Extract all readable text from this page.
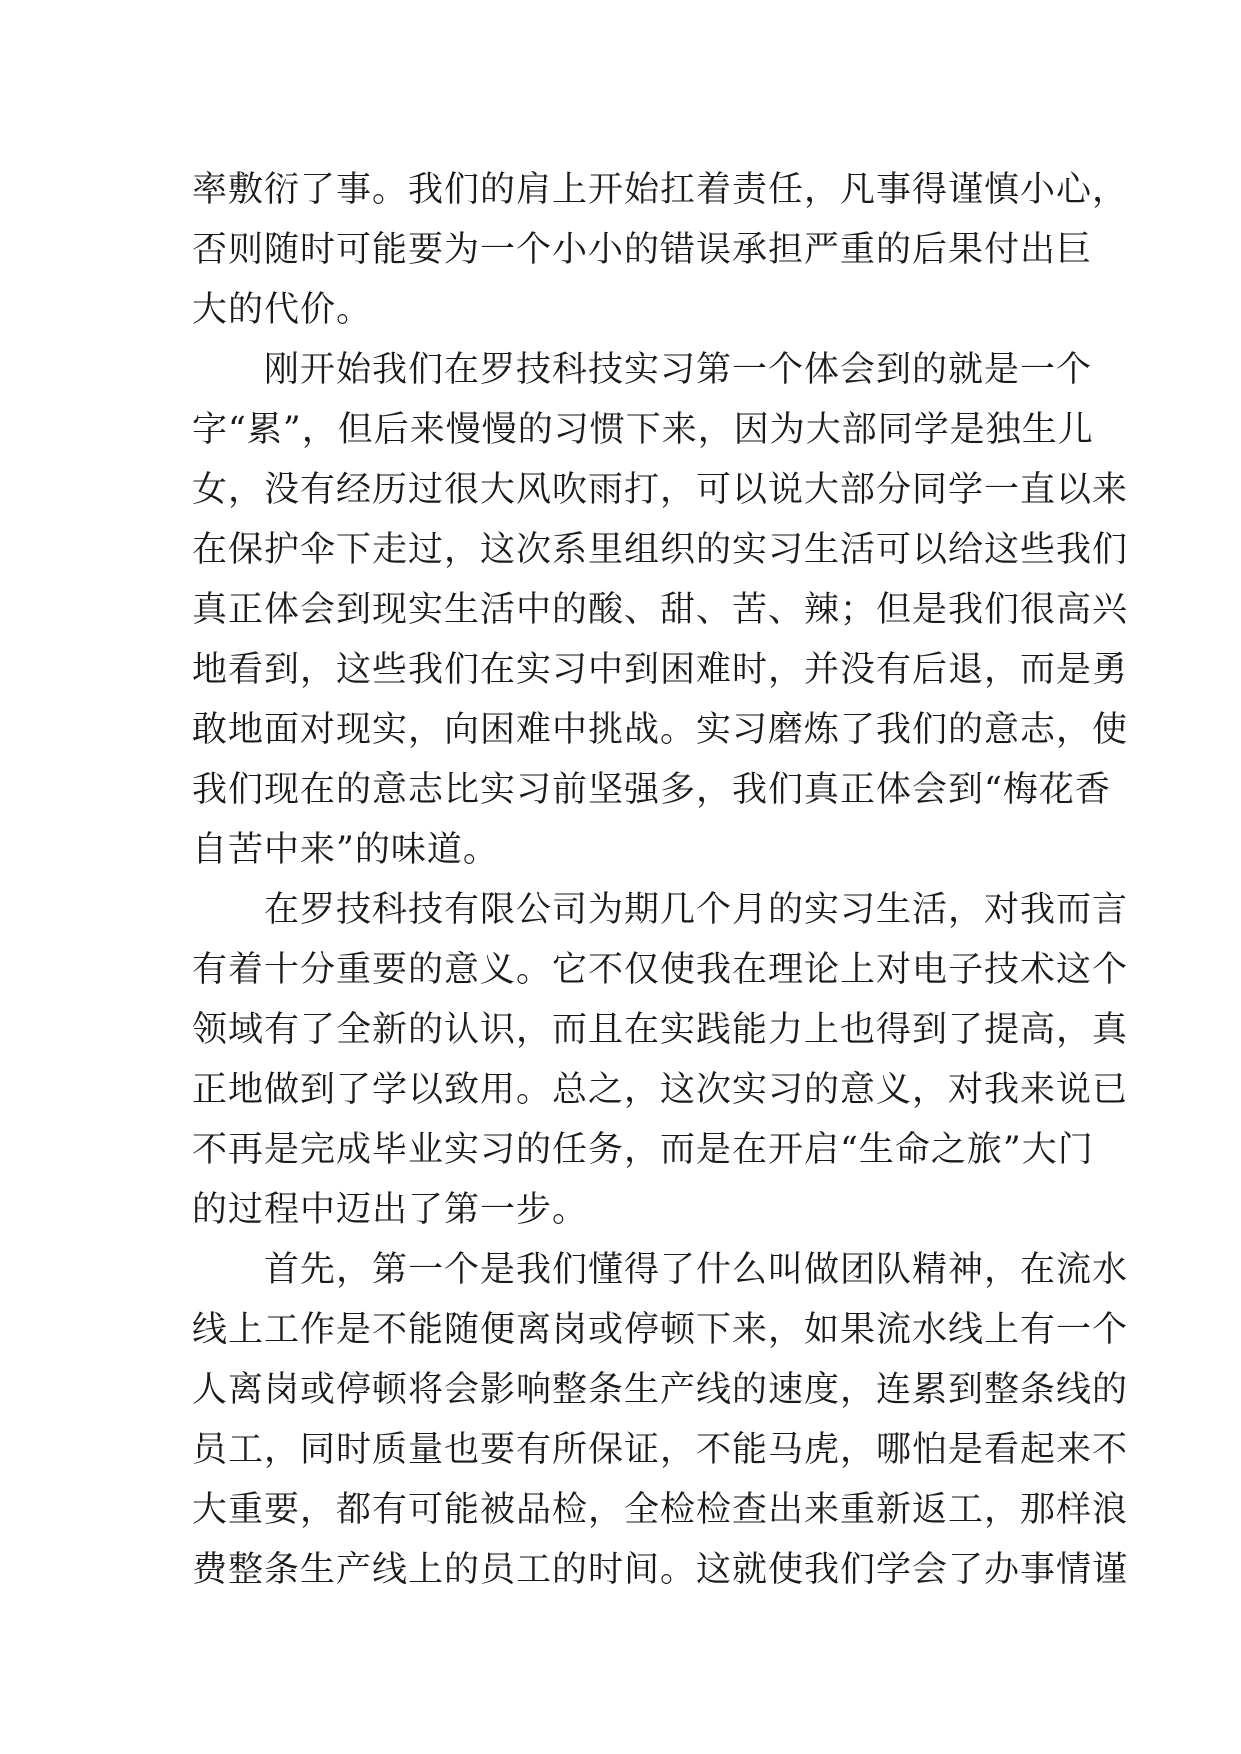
率敷衍了事。我们的肩上开始扛着责任，凡事得谨慎小心，
否则随时可能要为一个小小的错误承担严重的后果付出巨
大的代价。
刚开始我们在罗技科技实习第一个体会到的就是一个
字“累”，但后来慢慢的习惯下来，因为大部同学是独生儿
女，没有经历过很大风吹雨打，可以说大部分同学一直以来
在保护伞下走过，这次系里组织的实习生活可以给这些我们
真正体会到现实生活中的酸、甜、苦、辣；但是我们很高兴
地看到，这些我们在实习中到困难时，并没有后退，而是勇
敢地面对现实，向困难中挑战。实习磨炼了我们的意志，使
我们现在的意志比实习前坚强多，我们真正体会到“梅花香
自苦中来”的味道。
在罗技科技有限公司为期几个月的实习生活，对我而言
有着十分重要的意义。它不仅使我在理论上对电子技术这个
领域有了全新的认识，而且在实践能力上也得到了提高，真
正地做到了学以致用。总之，这次实习的意义，对我来说已
不再是完成毕业实习的任务，而是在开启“生命之旅”大门
的过程中迈出了第一步。
首先，第一个是我们懂得了什么叫做团队精神，在流水
线上工作是不能随便离岗或停顿下来，如果流水线上有一个
人离岗或停顿将会影响整条生产线的速度，连累到整条线的
员工，同时质量也要有所保证，不能马虎，哪怕是看起来不
大重要，都有可能被品检，全检检查出来重新返工，那样浪
费整条生产线上的员工的时间。这就使我们学会了办事情谨
